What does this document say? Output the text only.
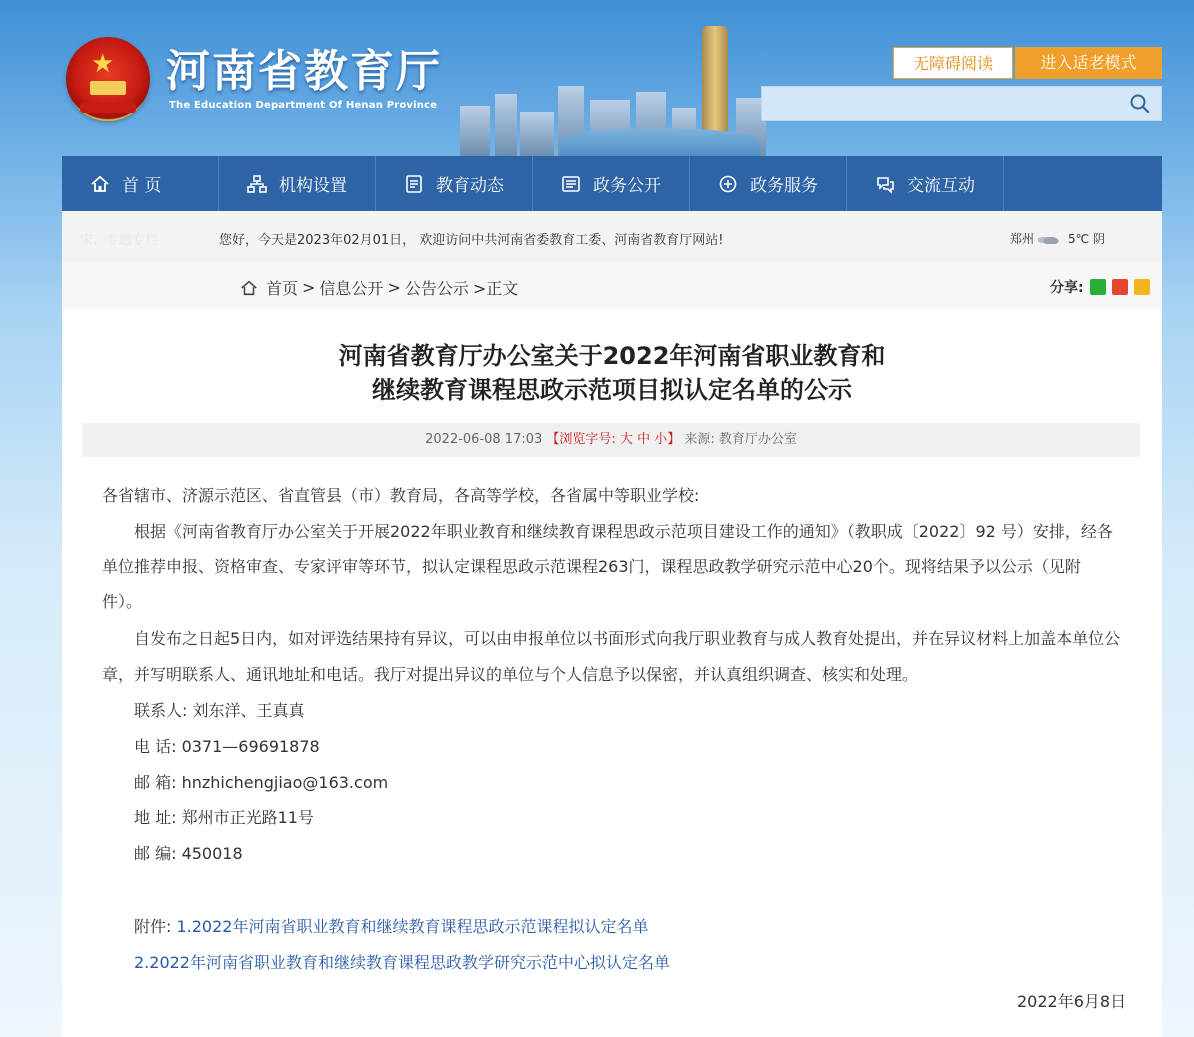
★ 河南省教育厅
The Education Department Of Henan Province
无障碍阅读	进入适老模式
首 页	机构设置	教育动态	政务公开	政务服务	交流互动
宋、专题专栏	您好，今天是2023年02月01日， 欢迎访问中共河南省委教育工委、河南省教育厅网站!	郑州	5℃ 阴
首页 > 信息公开 > 公告公示 >正文	分享:
河南省教育厅办公室关于2022年河南省职业教育和
继续教育课程思政示范项目拟认定名单的公示
2022-06-08 17:03 【浏览字号: 大 中 小】 来源: 教育厅办公室
各省辖市、济源示范区、省直管县（市）教育局，各高等学校，各省属中等职业学校:
根据《河南省教育厅办公室关于开展2022年职业教育和继续教育课程思政示范项目建设工作的通知》（教职成〔2022〕92 号）安排，经各
单位推荐申报、资格审查、专家评审等环节，拟认定课程思政示范课程263门，课程思政教学研究示范中心20个。现将结果予以公示（见附
件）。
自发布之日起5日内，如对评选结果持有异议，可以由申报单位以书面形式向我厅职业教育与成人教育处提出，并在异议材料上加盖本单位公
章，并写明联系人、通讯地址和电话。我厅对提出异议的单位与个人信息予以保密，并认真组织调查、核实和处理。
联系人: 刘东洋、王真真
电 话: 0371—69691878
邮 箱: hnzhichengjiao@163.com
地 址: 郑州市正光路11号
邮 编: 450018
附件: 1.2022年河南省职业教育和继续教育课程思政示范课程拟认定名单
2.2022年河南省职业教育和继续教育课程思政教学研究示范中心拟认定名单
2022年6月8日
